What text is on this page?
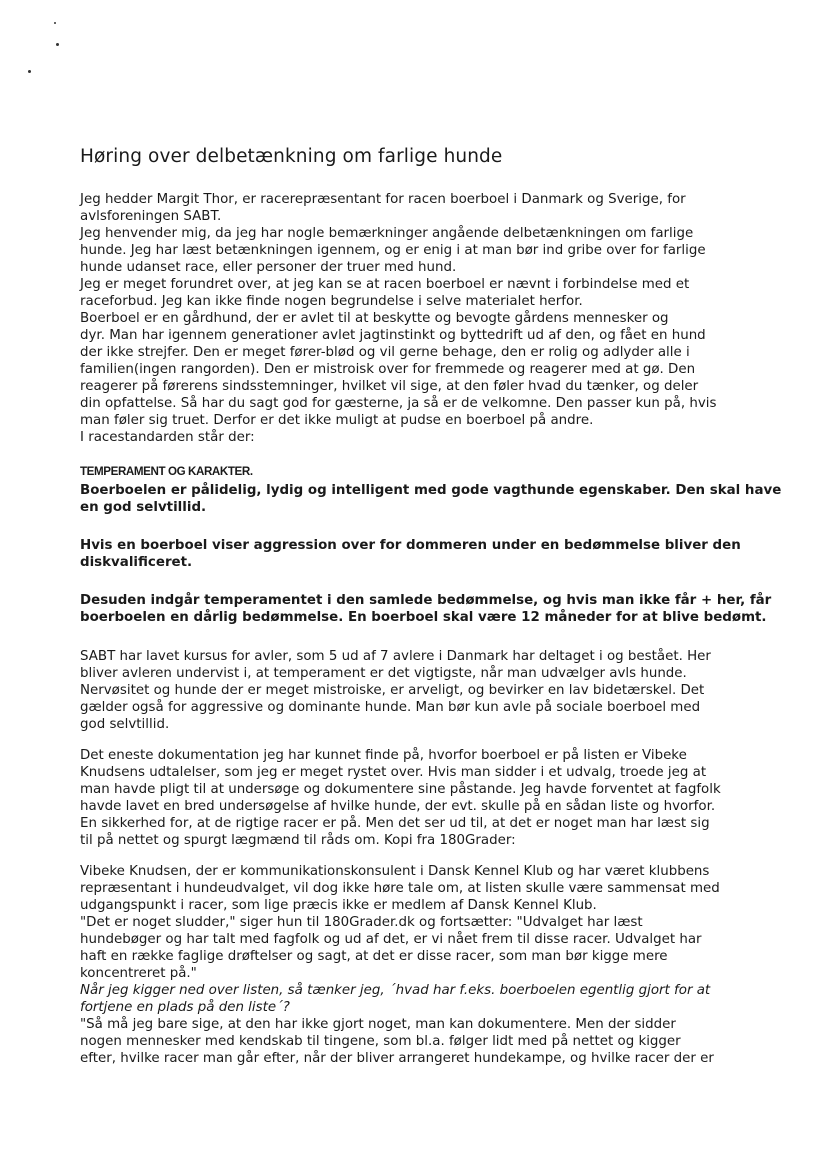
Høring over delbetænkning om farlige hunde
Jeg hedder Margit Thor, er racerepræsentant for racen boerboel i Danmark og Sverige, for
avlsforeningen SABT.
Jeg henvender mig, da jeg har nogle bemærkninger angående delbetænkningen om farlige
hunde. Jeg har læst betænkningen igennem, og er enig i at man bør ind gribe over for farlige
hunde udanset race, eller personer der truer med hund.
Jeg er meget forundret over, at jeg kan se at racen boerboel er nævnt i forbindelse med et
raceforbud. Jeg kan ikke finde nogen begrundelse i selve materialet herfor.
Boerboel er en gårdhund, der er avlet til at beskytte og bevogte gårdens mennesker og
dyr. Man har igennem generationer avlet jagtinstinkt og byttedrift ud af den, og fået en hund
der ikke strejfer. Den er meget fører-blød og vil gerne behage, den er rolig og adlyder alle i
familien(ingen rangorden). Den er mistroisk over for fremmede og reagerer med at gø. Den
reagerer på førerens sindsstemninger, hvilket vil sige, at den føler hvad du tænker, og deler
din opfattelse. Så har du sagt god for gæsterne, ja så er de velkomne. Den passer kun på, hvis
man føler sig truet. Derfor er det ikke muligt at pudse en boerboel på andre.
I racestandarden står der:
TEMPERAMENT OG KARAKTER.
Boerboelen er pålidelig, lydig og intelligent med gode vagthunde egenskaber. Den skal have
en god selvtillid.
Hvis en boerboel viser aggression over for dommeren under en bedømmelse bliver den
diskvalificeret.
Desuden indgår temperamentet i den samlede bedømmelse, og hvis man ikke får + her, får
boerboelen en dårlig bedømmelse. En boerboel skal være 12 måneder for at blive bedømt.
SABT har lavet kursus for avler, som 5 ud af 7 avlere i Danmark har deltaget i og bestået. Her
bliver avleren undervist i, at temperament er det vigtigste, når man udvælger avls hunde.
Nervøsitet og hunde der er meget mistroiske, er arveligt, og bevirker en lav bidetærskel. Det
gælder også for aggressive og dominante hunde. Man bør kun avle på sociale boerboel med
god selvtillid.
Det eneste dokumentation jeg har kunnet finde på, hvorfor boerboel er på listen er Vibeke
Knudsens udtalelser, som jeg er meget rystet over. Hvis man sidder i et udvalg, troede jeg at
man havde pligt til at undersøge og dokumentere sine påstande. Jeg havde forventet at fagfolk
havde lavet en bred undersøgelse af hvilke hunde, der evt. skulle på en sådan liste og hvorfor.
En sikkerhed for, at de rigtige racer er på. Men det ser ud til, at det er noget man har læst sig
til på nettet og spurgt lægmænd til råds om. Kopi fra 180Grader:
Vibeke Knudsen, der er kommunikationskonsulent i Dansk Kennel Klub og har været klubbens
repræsentant i hundeudvalget, vil dog ikke høre tale om, at listen skulle være sammensat med
udgangspunkt i racer, som lige præcis ikke er medlem af Dansk Kennel Klub.
"Det er noget sludder," siger hun til 180Grader.dk og fortsætter: "Udvalget har læst
hundebøger og har talt med fagfolk og ud af det, er vi nået frem til disse racer. Udvalget har
haft en række faglige drøftelser og sagt, at det er disse racer, som man bør kigge mere
koncentreret på."
Når jeg kigger ned over listen, så tænker jeg, ´hvad har f.eks. boerboelen egentlig gjort for at
fortjene en plads på den liste´?
"Så må jeg bare sige, at den har ikke gjort noget, man kan dokumentere. Men der sidder
nogen mennesker med kendskab til tingene, som bl.a. følger lidt med på nettet og kigger
efter, hvilke racer man går efter, når der bliver arrangeret hundekampe, og hvilke racer der er
